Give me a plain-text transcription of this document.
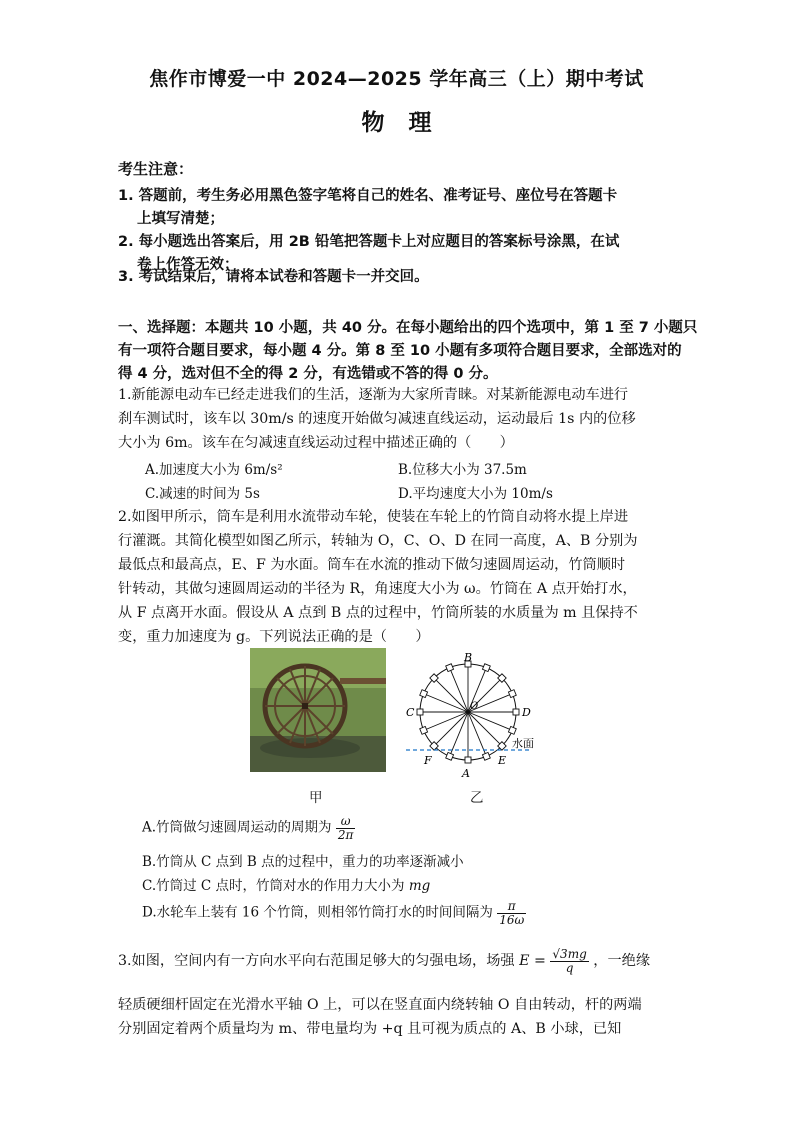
焦作市博爱一中 2024—2025 学年高三（上）期中考试
物理
考生注意：
1. 答题前，考生务必用黑色签字笔将自己的姓名、准考证号、座位号在答题卡
上填写清楚；
2. 每小题选出答案后，用 2B 铅笔把答题卡上对应题目的答案标号涂黑，在试
卷上作答无效；
3. 考试结束后，请将本试卷和答题卡一并交回。
一、选择题：本题共 10 小题，共 40 分。在每小题给出的四个选项中，第 1 至 7 小题只
有一项符合题目要求，每小题 4 分。第 8 至 10 小题有多项符合题目要求，全部选对的
得 4 分，选对但不全的得 2 分，有选错或不答的得 0 分。
1.新能源电动车已经走进我们的生活，逐渐为大家所青睐。对某新能源电动车进行
刹车测试时，该车以 30m/s 的速度开始做匀减速直线运动，运动最后 1s 内的位移
大小为 6m。该车在匀减速直线运动过程中描述正确的（　　）
A.加速度大小为 6m/s²	B.位移大小为 37.5m
C.减速的时间为 5s	D.平均速度大小为 10m/s
2.如图甲所示，筒车是利用水流带动车轮，使装在车轮上的竹筒自动将水提上岸进
行灌溉。其简化模型如图乙所示，转轴为 O，C、O、D 在同一高度，A、B 分别为
最低点和最高点，E、F 为水面。筒车在水流的推动下做匀速圆周运动，竹筒顺时
针转动，其做匀速圆周运动的半径为 R，角速度大小为 ω。竹筒在 A 点开始打水，
从 F 点离开水面。假设从 A 点到 B 点的过程中，竹筒所装的水质量为 m 且保持不
变，重力加速度为 g。下列说法正确的是（　　）
B
C	O	D
水面
F	E
A
甲	乙
A.竹筒做匀速圆周运动的周期为 $\frac{\omega}{2\pi}$
B.竹筒从 C 点到 B 点的过程中，重力的功率逐渐减小
C.竹筒过 C 点时，竹筒对水的作用力大小为 mg
D.水轮车上装有 16 个竹筒，则相邻竹筒打水的时间间隔为 $\frac{\pi}{16\omega}$
3.如图，空间内有一方向水平向右范围足够大的匀强电场，场强 $E = \frac{√3mg}{q}$ ，一绝缘
轻质硬细杆固定在光滑水平轴 O 上，可以在竖直面内绕转轴 O 自由转动，杆的两端
分别固定着两个质量均为 m、带电量均为 +q 且可视为质点的 A、B 小球，已知
